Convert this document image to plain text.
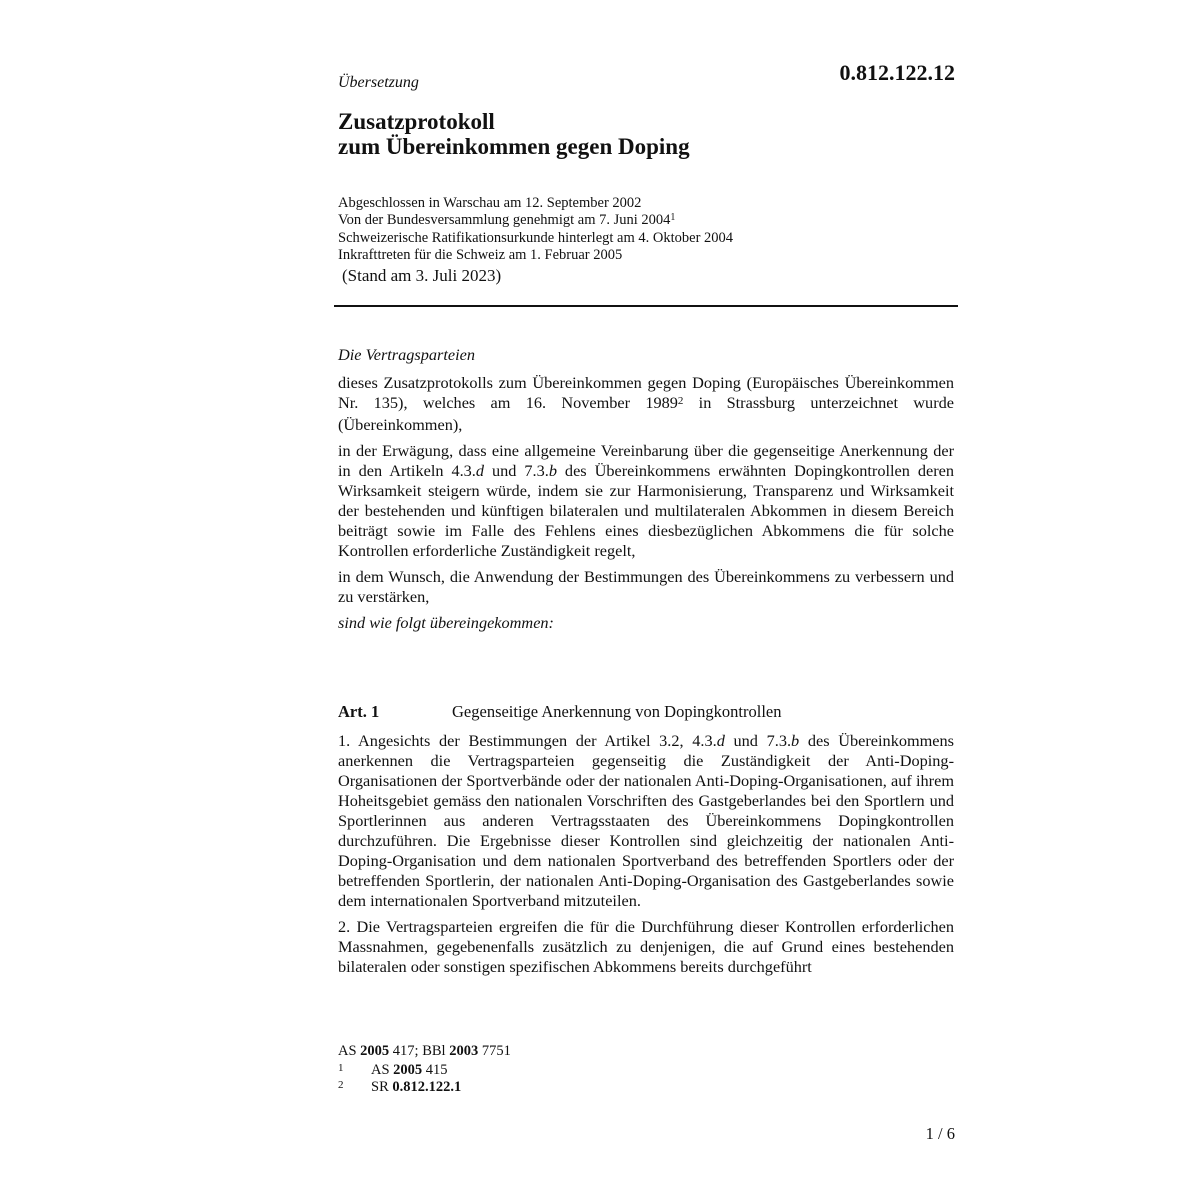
Übersetzung	0.812.122.12
Zusatzprotokoll
zum Übereinkommen gegen Doping
Abgeschlossen in Warschau am 12. September 2002
Von der Bundesversammlung genehmigt am 7. Juni 2004$^1$
Schweizerische Ratifikationsurkunde hinterlegt am 4. Oktober 2004
Inkrafttreten für die Schweiz am 1. Februar 2005
(Stand am 3. Juli 2023)
Die Vertragsparteien

dieses Zusatzprotokolls zum Übereinkommen gegen Doping (Europäisches Übereinkommen Nr. 135), welches am 16. November 1989$^2$ in Strassburg unterzeichnet wurde (Übereinkommen),

in der Erwägung, dass eine allgemeine Vereinbarung über die gegenseitige Anerkennung der in den Artikeln 4.3.d und 7.3.b des Übereinkommens erwähnten Dopingkontrollen deren Wirksamkeit steigern würde, indem sie zur Harmonisierung, Transparenz und Wirksamkeit der bestehenden und künftigen bilateralen und multilateralen Abkommen in diesem Bereich beiträgt sowie im Falle des Fehlens eines diesbezüglichen Abkommens die für solche Kontrollen erforderliche Zuständigkeit regelt,

in dem Wunsch, die Anwendung der Bestimmungen des Übereinkommens zu verbessern und zu verstärken,

sind wie folgt übereingekommen:

Art. 1	Gegenseitige Anerkennung von Dopingkontrollen

1. Angesichts der Bestimmungen der Artikel 3.2, 4.3.d und 7.3.b des Übereinkommens anerkennen die Vertragsparteien gegenseitig die Zuständigkeit der Anti-Doping-Organisationen der Sportverbände oder der nationalen Anti-Doping-Organisationen, auf ihrem Hoheitsgebiet gemäss den nationalen Vorschriften des Gastgeberlandes bei den Sportlern und Sportlerinnen aus anderen Vertragsstaaten des Übereinkommens Dopingkontrollen durchzuführen. Die Ergebnisse dieser Kontrollen sind gleichzeitig der nationalen Anti-Doping-Organisation und dem nationalen Sportverband des betreffenden Sportlers oder der betreffenden Sportlerin, der nationalen Anti-Doping-Organisation des Gastgeberlandes sowie dem internationalen Sportverband mitzuteilen.

2. Die Vertragsparteien ergreifen die für die Durchführung dieser Kontrollen erforderlichen Massnahmen, gegebenenfalls zusätzlich zu denjenigen, die auf Grund eines bestehenden bilateralen oder sonstigen spezifischen Abkommens bereits durchgeführt

AS 2005 417; BBl 2003 7751
1 AS 2005 415
2 SR 0.812.122.1
1 / 6
